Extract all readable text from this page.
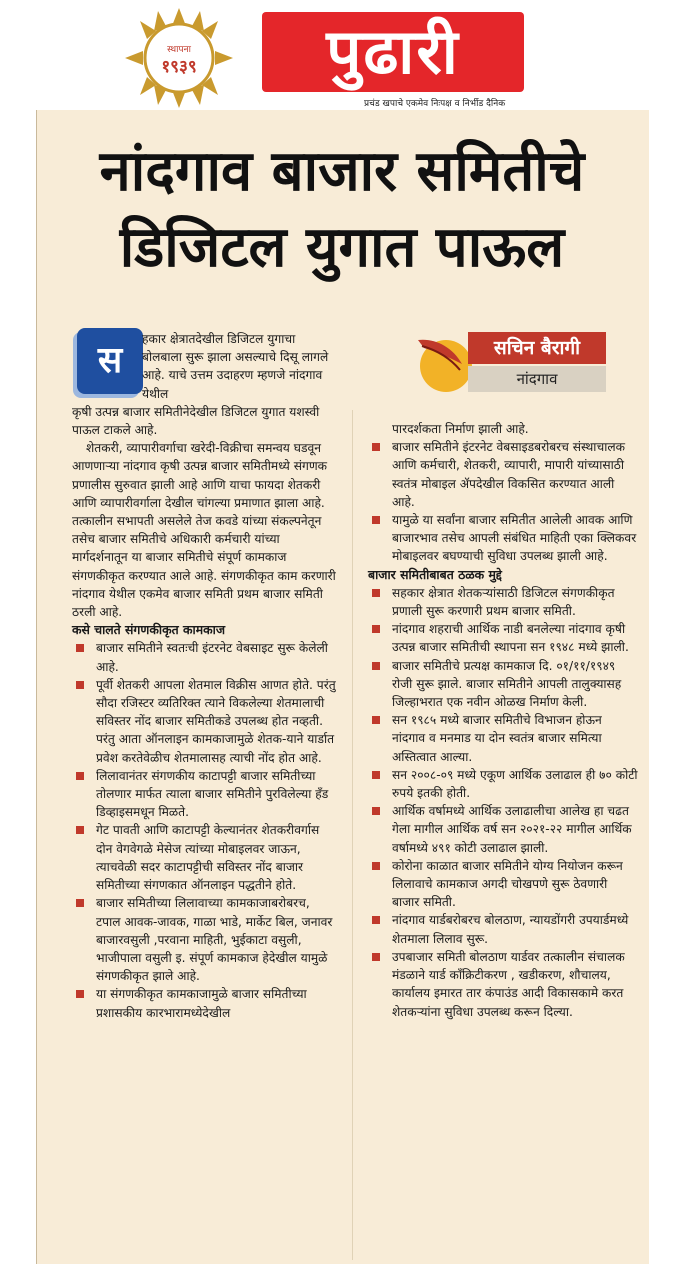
स्थापना
१९३९	पुढारी
प्रचंड खपाचे एकमेव निःपक्ष व निर्भीड दैनिक
नांदगाव बाजार समितीचे
डिजिटल युगात पाऊल
स	सचिन बैरागी
नांदगाव

हकार क्षेत्रातदेखील डिजिटल युगाचा बोलबाला सुरू झाला असल्याचे दिसू लागले आहे. याचे उत्तम उदाहरण म्हणजे नांदगाव येथील

कृषी उत्पन्न बाजार समितीनेदेखील डिजिटल युगात यशस्वी पाऊल टाकले आहे.

शेतकरी, व्यापारीवर्गाचा खरेदी-विक्रीचा समन्वय घडवून आणणाऱ्या नांदगाव कृषी उत्पन्न बाजार समितीमध्ये संगणक प्रणालीस सुरुवात झाली आहे आणि याचा फायदा शेतकरी आणि व्यापारीवर्गाला देखील चांगल्या प्रमाणात झाला आहे. तत्कालीन सभापती असलेले तेज कवडे यांच्या संकल्पनेतून तसेच बाजार समितीचे अधिकारी कर्मचारी यांच्या मार्गदर्शनातून या बाजार समितीचे संपूर्ण कामकाज संगणकीकृत करण्यात आले आहे. संगणकीकृत काम करणारी नांदगाव येथील एकमेव बाजार समिती प्रथम बाजार समिती ठरली आहे.

कसे चालते संगणकीकृत कामकाज
बाजार समितीने स्वतःची इंटरनेट वेबसाइट सुरू केलेली आहे.
पूर्वी शेतकरी आपला शेतमाल विक्रीस आणत होते. परंतु सौदा रजिस्टर व्यतिरिक्त त्याने विकलेल्या शेतमालाची सविस्तर नोंद बाजार समितीकडे उपलब्ध होत नव्हती. परंतु आता ऑनलाइन कामकाजामुळे शेतक-याने यार्डात प्रवेश करतेवेळीच शेतमालासह त्याची नोंद होत आहे.
लिलावानंतर संगणकीय काटापट्टी बाजार समितीच्या तोलणार मार्फत त्याला बाजार समितीने पुरविलेल्या हँड डिव्हाइसमधून मिळते.
गेट पावती आणि काटापट्टी केल्यानंतर शेतकरीवर्गास दोन वेगवेगळे मेसेज त्यांच्या मोबाइलवर जाऊन, त्याचवेळी सदर काटापट्टीची सविस्तर नोंद बाजार समितीच्या संगणकात ऑनलाइन पद्धतीने होते.
बाजार समितीच्या लिलावाच्या कामकाजाबरोबरच, टपाल आवक-जावक, गाळा भाडे, मार्केट बिल, जनावर बाजारवसुली ,परवाना माहिती, भुईकाटा वसुली, भाजीपाला वसुली इ. संपूर्ण कामकाज हेदेखील यामुळे संगणकीकृत झाले आहे.
या संगणकीकृत कामकाजामुळे बाजार समितीच्या प्रशासकीय कारभारामध्येदेखील

पारदर्शकता निर्माण झाली आहे.

बाजार समितीने इंटरनेट वेबसाइडबरोबरच संस्थाचालक आणि कर्मचारी, शेतकरी, व्यापारी, मापारी यांच्यासाठी स्वतंत्र मोबाइल ॲपदेखील विकसित करण्यात आली आहे.
यामुळे या सर्वांना बाजार समितीत आलेली आवक आणि बाजारभाव तसेच आपली संबंधित माहिती एका क्लिकवर मोबाइलवर बघण्याची सुविधा उपलब्ध झाली आहे.
बाजार समितीबाबत ठळक मुद्दे
सहकार क्षेत्रात शेतकऱ्यांसाठी डिजिटल संगणकीकृत प्रणाली सुरू करणारी प्रथम बाजार समिती.
नांदगाव शहराची आर्थिक नाडी बनलेल्या नांदगाव कृषी उत्पन्न बाजार समितीची स्थापना सन १९४८ मध्ये झाली.
बाजार समितीचे प्रत्यक्ष कामकाज दि. ०१/११/१९४९ रोजी सुरू झाले. बाजार समितीने आपली तालुक्यासह जिल्हाभरात एक नवीन ओळख निर्माण केली.
सन १९८५ मध्ये बाजार समितीचे विभाजन होऊन नांदगाव व मनमाड या दोन स्वतंत्र बाजार समित्या अस्तित्वात आल्या.
सन २००८-०९ मध्ये एकूण आर्थिक उलाढाल ही ७० कोटी रुपये इतकी होती.
आर्थिक वर्षामध्ये आर्थिक उलाढालीचा आलेख हा चढत गेला मागील आर्थिक वर्ष सन २०२१-२२ मागील आर्थिक वर्षामध्ये ४९१ कोटी उलाढाल झाली.
कोरोना काळात बाजार समितीने योग्य नियोजन करून लिलावाचे कामकाज अगदी चोखपणे सुरू ठेवणारी बाजार समिती.
नांदगाव यार्डबरोबरच बोलठाण, न्यायडोंगरी उपयार्डमध्ये शेतमाला लिलाव सुरू.
उपबाजार समिती बोलठाण यार्डवर तत्कालीन संचालक मंडळाने यार्ड काँक्रिटीकरण , खडीकरण, शौचालय, कार्यालय इमारत तार कंपाउंड आदी विकासकामे करत शेतकऱ्यांना सुविधा उपलब्ध करून दिल्या.
